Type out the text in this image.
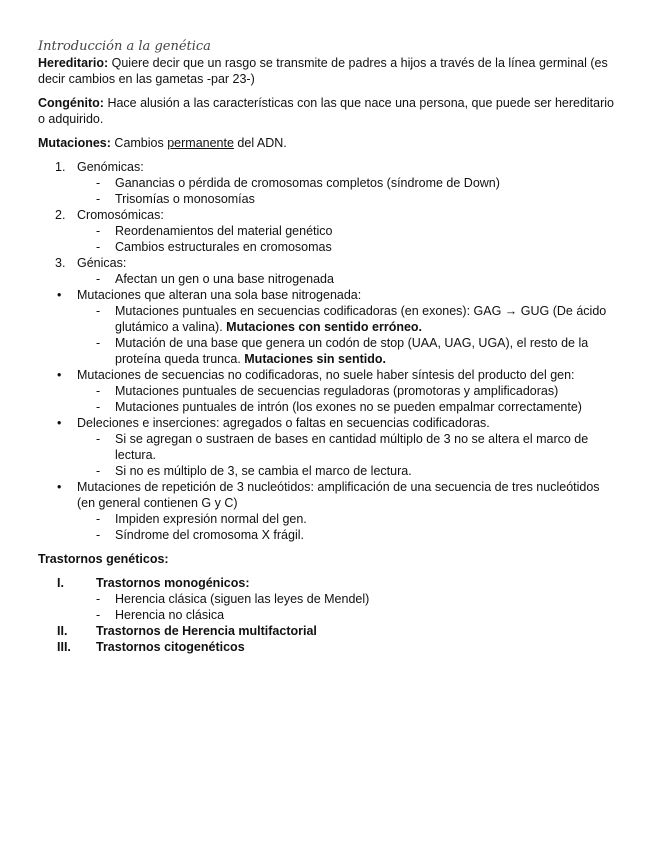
Introducción a la genética

Hereditario: Quiere decir que un rasgo se transmite de padres a hijos a través de la línea germinal (es decir cambios en las gametas -par 23-)

Congénito: Hace alusión a las características con las que nace una persona, que puede ser hereditario o adquirido.

Mutaciones: Cambios permanente del ADN.

1. Genómicas:
-	Ganancias o pérdida de cromosomas completos (síndrome de Down)
-	Trisomías o monosomías
2. Cromosómicas:
-	Reordenamientos del material genético
-	Cambios estructurales en cromosomas
3. Génicas:
-	Afectan un gen o una base nitrogenada
• Mutaciones que alteran una sola base nitrogenada:
-	Mutaciones puntuales en secuencias codificadoras (en exones): GAG → GUG (De ácido glutámico a valina). Mutaciones con sentido erróneo.
-	Mutación de una base que genera un codón de stop (UAA, UAG, UGA), el resto de la proteína queda trunca. Mutaciones sin sentido.
• Mutaciones de secuencias no codificadoras, no suele haber síntesis del producto del gen:
-	Mutaciones puntuales de secuencias reguladoras (promotoras y amplificadoras)
-	Mutaciones puntuales de intrón (los exones no se pueden empalmar correctamente)
• Deleciones e inserciones: agregados o faltas en secuencias codificadoras.
-	Si se agregan o sustraen de bases en cantidad múltiplo de 3 no se altera el marco de lectura.
-	Si no es múltiplo de 3, se cambia el marco de lectura.
• Mutaciones de repetición de 3 nucleótidos: amplificación de una secuencia de tres nucleótidos (en general contienen G y C)
-	Impiden expresión normal del gen.
-	Síndrome del cromosoma X frágil.

Trastornos genéticos:

I.	Trastornos monogénicos:
-	Herencia clásica (siguen las leyes de Mendel)
-	Herencia no clásica
II. Trastornos de Herencia multifactorial
III. Trastornos citogenéticos
